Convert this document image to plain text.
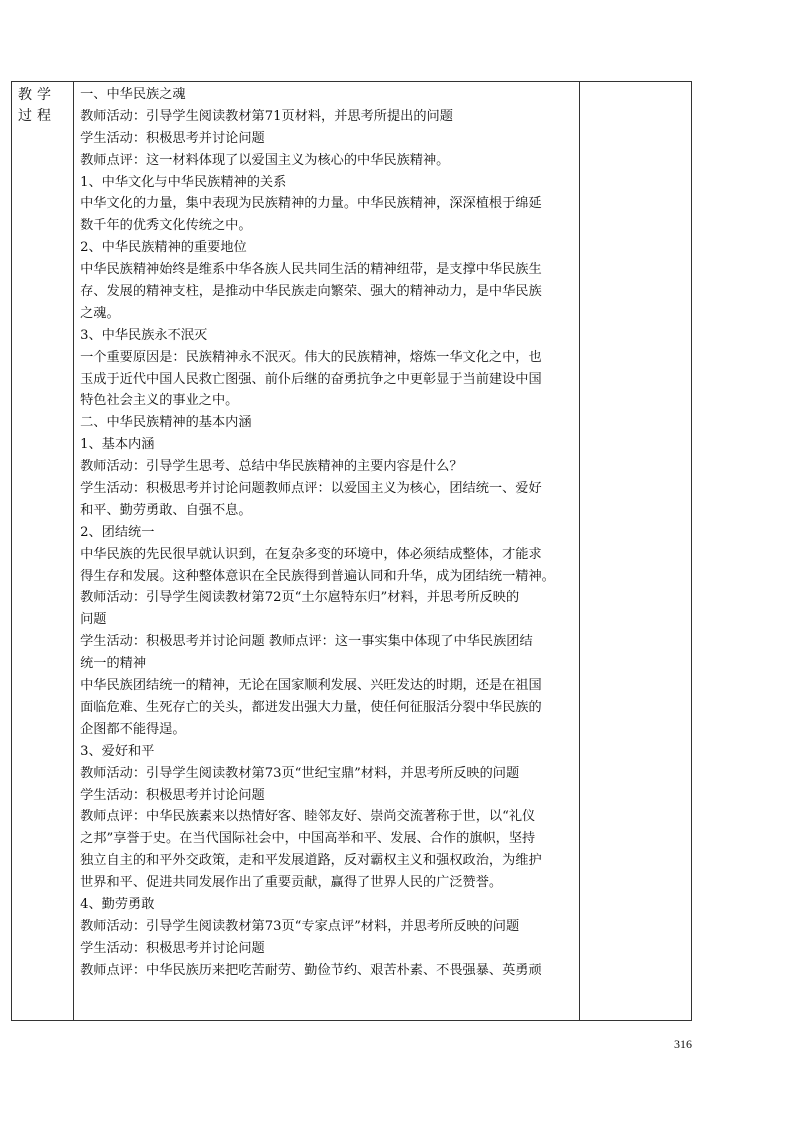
教学过程

一、中华民族之魂
教师活动：引导学生阅读教材第71页材料，并思考所提出的问题
学生活动：积极思考并讨论问题
教师点评：这一材料体现了以爱国主义为核心的中华民族精神。
1、中华文化与中华民族精神的关系
中华文化的力量，集中表现为民族精神的力量。中华民族精神，深深植根于绵延
数千年的优秀文化传统之中。
2、中华民族精神的重要地位
中华民族精神始终是维系中华各族人民共同生活的精神纽带，是支撑中华民族生
存、发展的精神支柱，是推动中华民族走向繁荣、强大的精神动力，是中华民族
之魂。
3、中华民族永不泯灭
一个重要原因是：民族精神永不泯灭。伟大的民族精神，熔炼一华文化之中，也
玉成于近代中国人民救亡图强、前仆后继的奋勇抗争之中更彰显于当前建设中国
特色社会主义的事业之中。
二、中华民族精神的基本内涵
1、基本内涵
教师活动：引导学生思考、总结中华民族精神的主要内容是什么？
学生活动：积极思考并讨论问题教师点评：以爱国主义为核心，团结统一、爱好
和平、勤劳勇敢、自强不息。
2、团结统一
中华民族的先民很早就认识到，在复杂多变的环境中，体必须结成整体，才能求
得生存和发展。这种整体意识在全民族得到普遍认同和升华，成为团结统一精神。
教师活动：引导学生阅读教材第72页“土尔扈特东归”材料，并思考所反映的
问题
学生活动：积极思考并讨论问题 教师点评：这一事实集中体现了中华民族团结
统一的精神
中华民族团结统一的精神，无论在国家顺利发展、兴旺发达的时期，还是在祖国
面临危难、生死存亡的关头，都迸发出强大力量，使任何征服活分裂中华民族的
企图都不能得逞。
3、爱好和平
教师活动：引导学生阅读教材第73页“世纪宝鼎”材料，并思考所反映的问题
学生活动：积极思考并讨论问题
教师点评：中华民族素来以热情好客、睦邻友好、崇尚交流著称于世，以“礼仪
之邦”享誉于史。在当代国际社会中，中国高举和平、发展、合作的旗帜，坚持
独立自主的和平外交政策，走和平发展道路，反对霸权主义和强权政治，为维护
世界和平、促进共同发展作出了重要贡献，赢得了世界人民的广泛赞誉。
4、勤劳勇敢
教师活动：引导学生阅读教材第73页“专家点评”材料，并思考所反映的问题
学生活动：积极思考并讨论问题
教师点评：中华民族历来把吃苦耐劳、勤俭节约、艰苦朴素、不畏强暴、英勇顽

316
